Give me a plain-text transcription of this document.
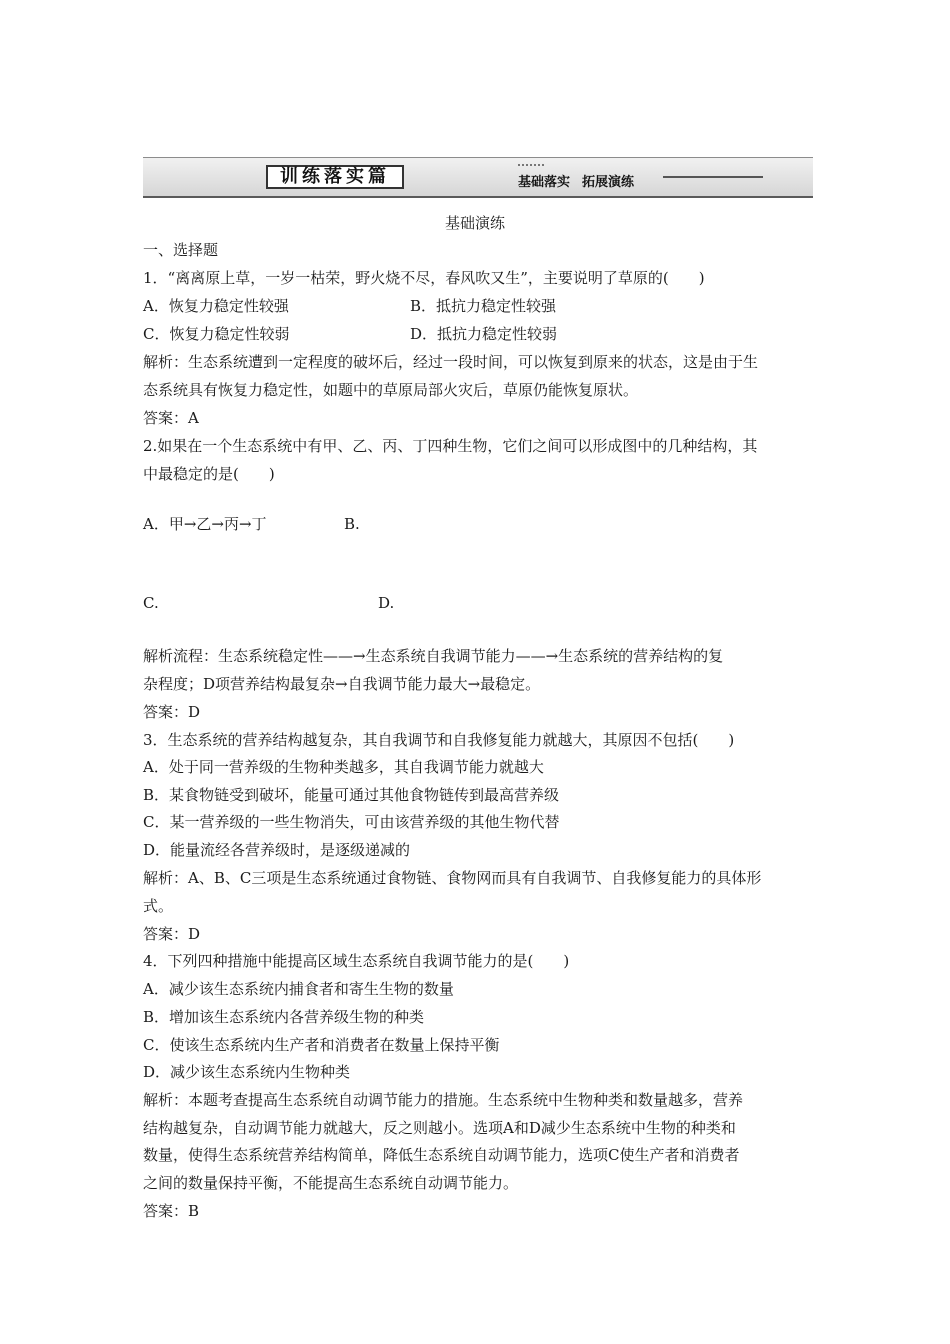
训练落实篇	基础落实 拓展演练
基础演练
一、选择题
1．“离离原上草，一岁一枯荣，野火烧不尽，春风吹又生”，主要说明了草原的(　　)
A．恢复力稳定性较强	B．抵抗力稳定性较强
C．恢复力稳定性较弱	D．抵抗力稳定性较弱
解析：生态系统遭到一定程度的破坏后，经过一段时间，可以恢复到原来的状态，这是由于生
态系统具有恢复力稳定性，如题中的草原局部火灾后，草原仍能恢复原状。
答案：A
2.如果在一个生态系统中有甲、乙、丙、丁四种生物，它们之间可以形成图中的几种结构，其
中最稳定的是(　　)
A．甲→乙→丙→丁	B.
C.	D.
解析流程：生态系统稳定性——→生态系统自我调节能力——→生态系统的营养结构的复
杂程度；D项营养结构最复杂→自我调节能力最大→最稳定。
答案：D
3．生态系统的营养结构越复杂，其自我调节和自我修复能力就越大，其原因不包括(　　)
A．处于同一营养级的生物种类越多，其自我调节能力就越大
B．某食物链受到破坏，能量可通过其他食物链传到最高营养级
C．某一营养级的一些生物消失，可由该营养级的其他生物代替
D．能量流经各营养级时，是逐级递减的
解析：A、B、C三项是生态系统通过食物链、食物网而具有自我调节、自我修复能力的具体形
式。
答案：D
4．下列四种措施中能提高区域生态系统自我调节能力的是(　　)
A．减少该生态系统内捕食者和寄生生物的数量
B．增加该生态系统内各营养级生物的种类
C．使该生态系统内生产者和消费者在数量上保持平衡
D．减少该生态系统内生物种类
解析：本题考查提高生态系统自动调节能力的措施。生态系统中生物种类和数量越多，营养
结构越复杂，自动调节能力就越大，反之则越小。选项A和D减少生态系统中生物的种类和
数量，使得生态系统营养结构简单，降低生态系统自动调节能力，选项C使生产者和消费者
之间的数量保持平衡，不能提高生态系统自动调节能力。
答案：B
